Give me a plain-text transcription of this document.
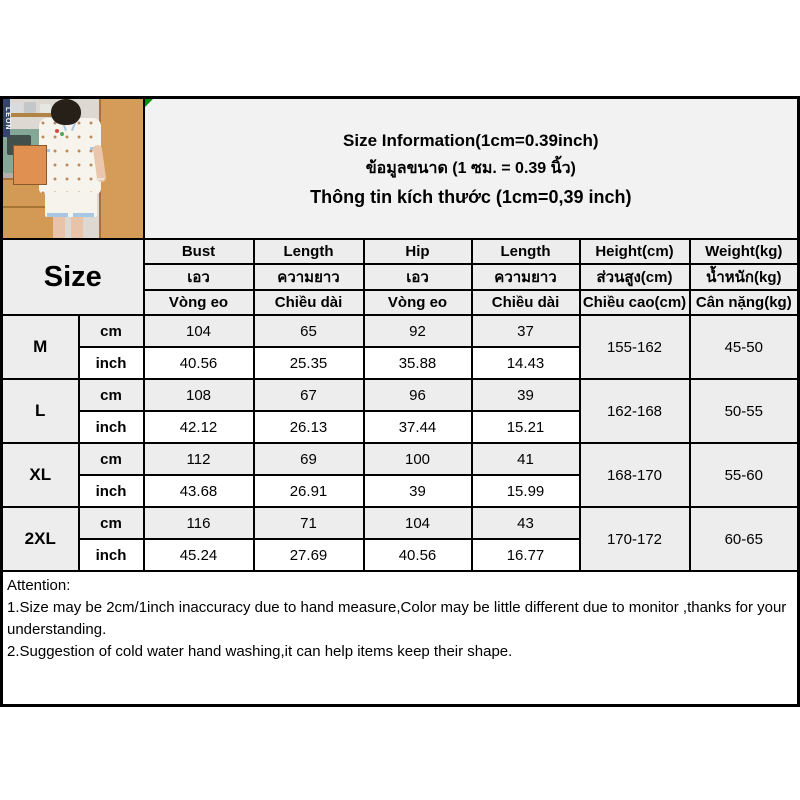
LEON		Size Information(1cm=0.39inch)
ข้อมูลขนาด (1 ซม. = 0.39 นิ้ว)
Thông tin kích thước (1cm=0,39 inch)					

Size		Bust	Length	Hip	Length	Height(cm)	Weight(kg)
		เอว	ความยาว	เอว	ความยาว	ส่วนสูง(cm)	น้ำหนัก(kg)
		Vòng eo	Chiều dài	Vòng eo	Chiều dài	Chiều cao(cm)	Cân nặng(kg)
M	cm	104	65	92	37	155-162	45-50
	inch	40.56	25.35	35.88	14.43		
L	cm	108	67	96	39	162-168	50-55
	inch	42.12	26.13	37.44	15.21		
XL	cm	112	69	100	41	168-170	55-60
	inch	43.68	26.91	39	15.99		
2XL	cm	116	71	104	43	170-172	60-65
	inch	45.24	27.69	40.56	16.77		

Attention:
1.Size may be 2cm/1inch inaccuracy due to hand measure,Color may be little different due to monitor ,thanks for your understanding.
2.Suggestion of cold water hand washing,it can help items keep their shape.							
